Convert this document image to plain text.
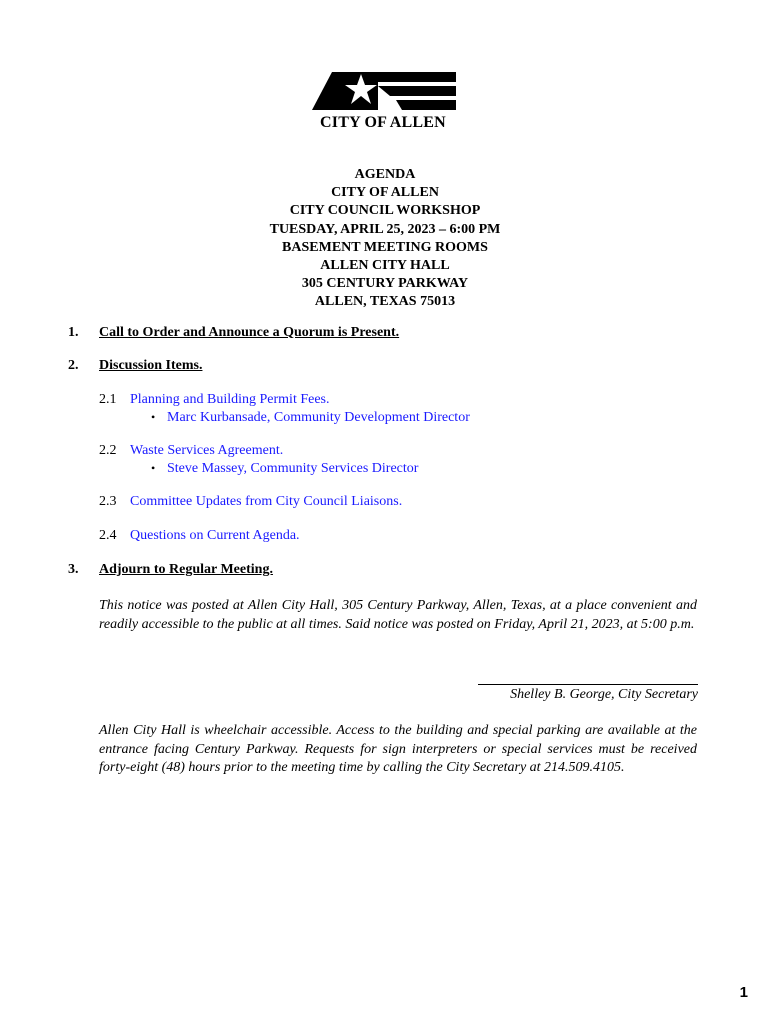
CITY OF ALLEN
AGENDA
CITY OF ALLEN
CITY COUNCIL WORKSHOP
TUESDAY, APRIL 25, 2023 – 6:00 PM
BASEMENT MEETING ROOMS
ALLEN CITY HALL
305 CENTURY PARKWAY
ALLEN, TEXAS 75013
1.	Call to Order and Announce a Quorum is Present.
2.	Discussion Items.
2.1 Planning and Building Permit Fees.
• Marc Kurbansade, Community Development Director
2.2 Waste Services Agreement.
• Steve Massey, Community Services Director
2.3 Committee Updates from City Council Liaisons.
2.4 Questions on Current Agenda.
3.	Adjourn to Regular Meeting.
This notice was posted at Allen City Hall, 305 Century Parkway, Allen, Texas, at a place convenient and readily accessible to the public at all times. Said notice was posted on Friday, April 21, 2023, at 5:00 p.m.
Shelley B. George, City Secretary
Allen City Hall is wheelchair accessible. Access to the building and special parking are available at the entrance facing Century Parkway. Requests for sign interpreters or special services must be received forty-eight (48) hours prior to the meeting time by calling the City Secretary at 214.509.4105.
1
